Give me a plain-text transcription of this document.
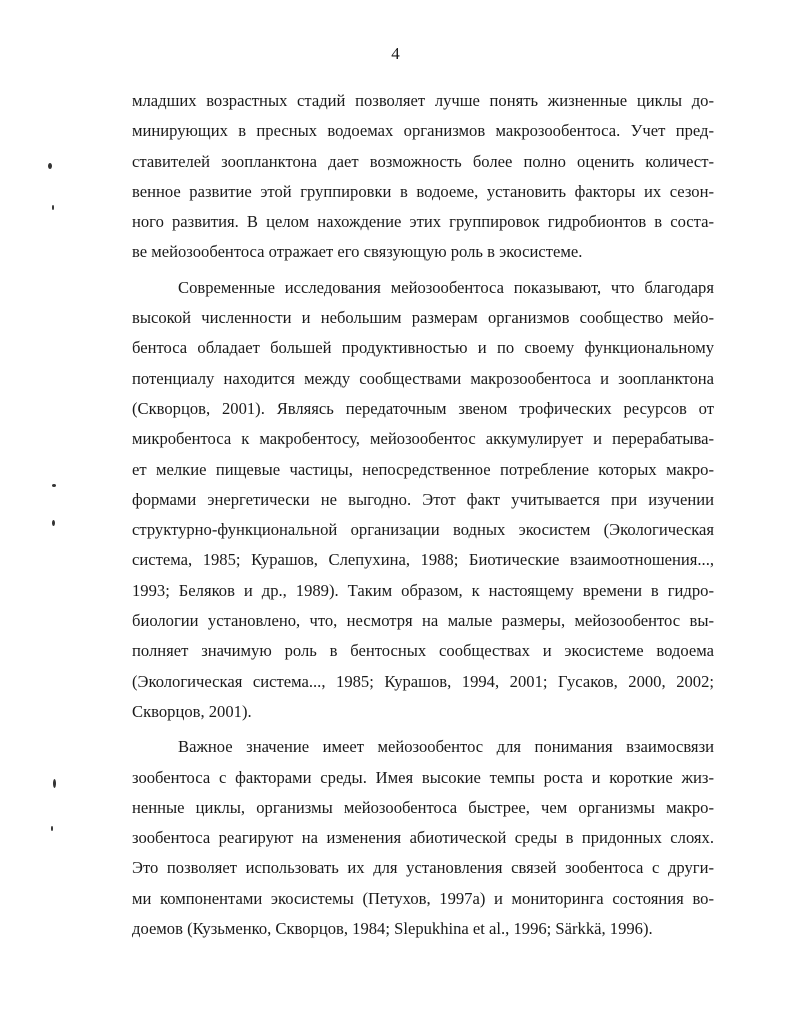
4

младших возрастных стадий позволяет лучше понять жизненные циклы до-
минирующих в пресных водоемах организмов макрозообентоса. Учет пред-
ставителей зоопланктона дает возможность более полно оценить количест-
венное развитие этой группировки в водоеме, установить факторы их сезон-
ного развития. В целом нахождение этих группировок гидробионтов в соста-
ве мейозообентоса отражает его связующую роль в экосистеме.

Современные исследования мейозообентоса показывают, что благодаря
высокой численности и небольшим размерам организмов сообщество мейо-
бентоса обладает большей продуктивностью и по своему функциональному
потенциалу находится между сообществами макрозообентоса и зоопланктона
(Скворцов, 2001). Являясь передаточным звеном трофических ресурсов от
микробентоса к макробентосу, мейозообентос аккумулирует и перерабатыва-
ет мелкие пищевые частицы, непосредственное потребление которых макро-
формами энергетически не выгодно. Этот факт учитывается при изучении
структурно-функциональной организации водных экосистем (Экологическая
система, 1985; Курашов, Слепухина, 1988; Биотические взаимоотношения...,
1993; Беляков и др., 1989). Таким образом, к настоящему времени в гидро-
биологии установлено, что, несмотря на малые размеры, мейозообентос вы-
полняет значимую роль в бентосных сообществах и экосистеме водоема
(Экологическая система..., 1985; Курашов, 1994, 2001; Гусаков, 2000, 2002;
Скворцов, 2001).

Важное значение имеет мейозообентос для понимания взаимосвязи
зообентоса с факторами среды. Имея высокие темпы роста и короткие жиз-
ненные циклы, организмы мейозообентоса быстрее, чем организмы макро-
зообентоса реагируют на изменения абиотической среды в придонных слоях.
Это позволяет использовать их для установления связей зообентоса с други-
ми компонентами экосистемы (Петухов, 1997а) и мониторинга состояния во-
доемов (Кузьменко, Скворцов, 1984; Slepukhina et al., 1996; Särkkä, 1996).
